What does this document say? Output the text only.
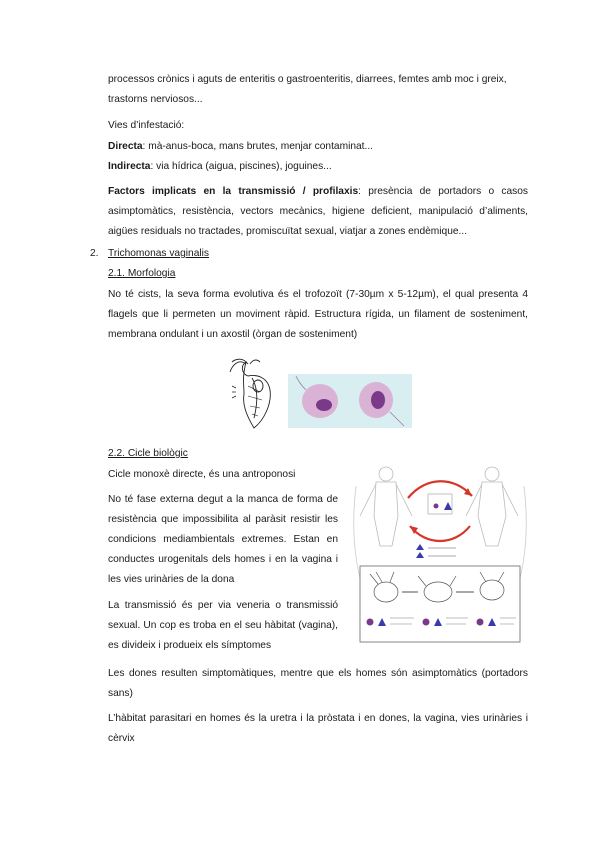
processos crònics i aguts de enteritis o gastroenteritis, diarrees, femtes amb moc i greix,
trastorns nerviosos...

Vies d’infestació:

Directa: mà-anus-boca, mans brutes, menjar contaminat...

Indirecta: via hídrica (aigua, piscines), joguines...

Factors implicats en la transmissió / profilaxis: presència de portadors o casos asimptomàtics, resistència, vectors mecànics, higiene deficient, manipulació d’aliments, aigües residuals no tractades, promiscuïtat sexual, viatjar a zones endèmique...

2. Trichomonas vaginalis

2.1. Morfologia

No té cists, la seva forma evolutiva és el trofozoït (7-30µm x 5-12µm), el qual presenta 4 flagels que li permeten un moviment ràpid. Estructura rígida, un filament de sosteniment, membrana ondulant i un axostil (òrgan de sosteniment)

2.2. Cicle biològic

Cicle monoxè directe, és una antroponosi

No té fase externa degut a la manca de forma de resistència que impossibilita al paràsit resistir les condicions mediambientals extremes. Estan en conductes urogenitals dels homes i en la vagina i les vies urinàries de la dona

La transmissió és per via veneria o transmissió sexual. Un cop es troba en el seu hàbitat (vagina), es divideix i produeix els símptomes

Les dones resulten simptomàtiques, mentre que els homes són asimptomàtics (portadors sans)

L’hàbitat parasitari en homes és la uretra i la pròstata i en dones, la vagina, vies urinàries i cèrvix
